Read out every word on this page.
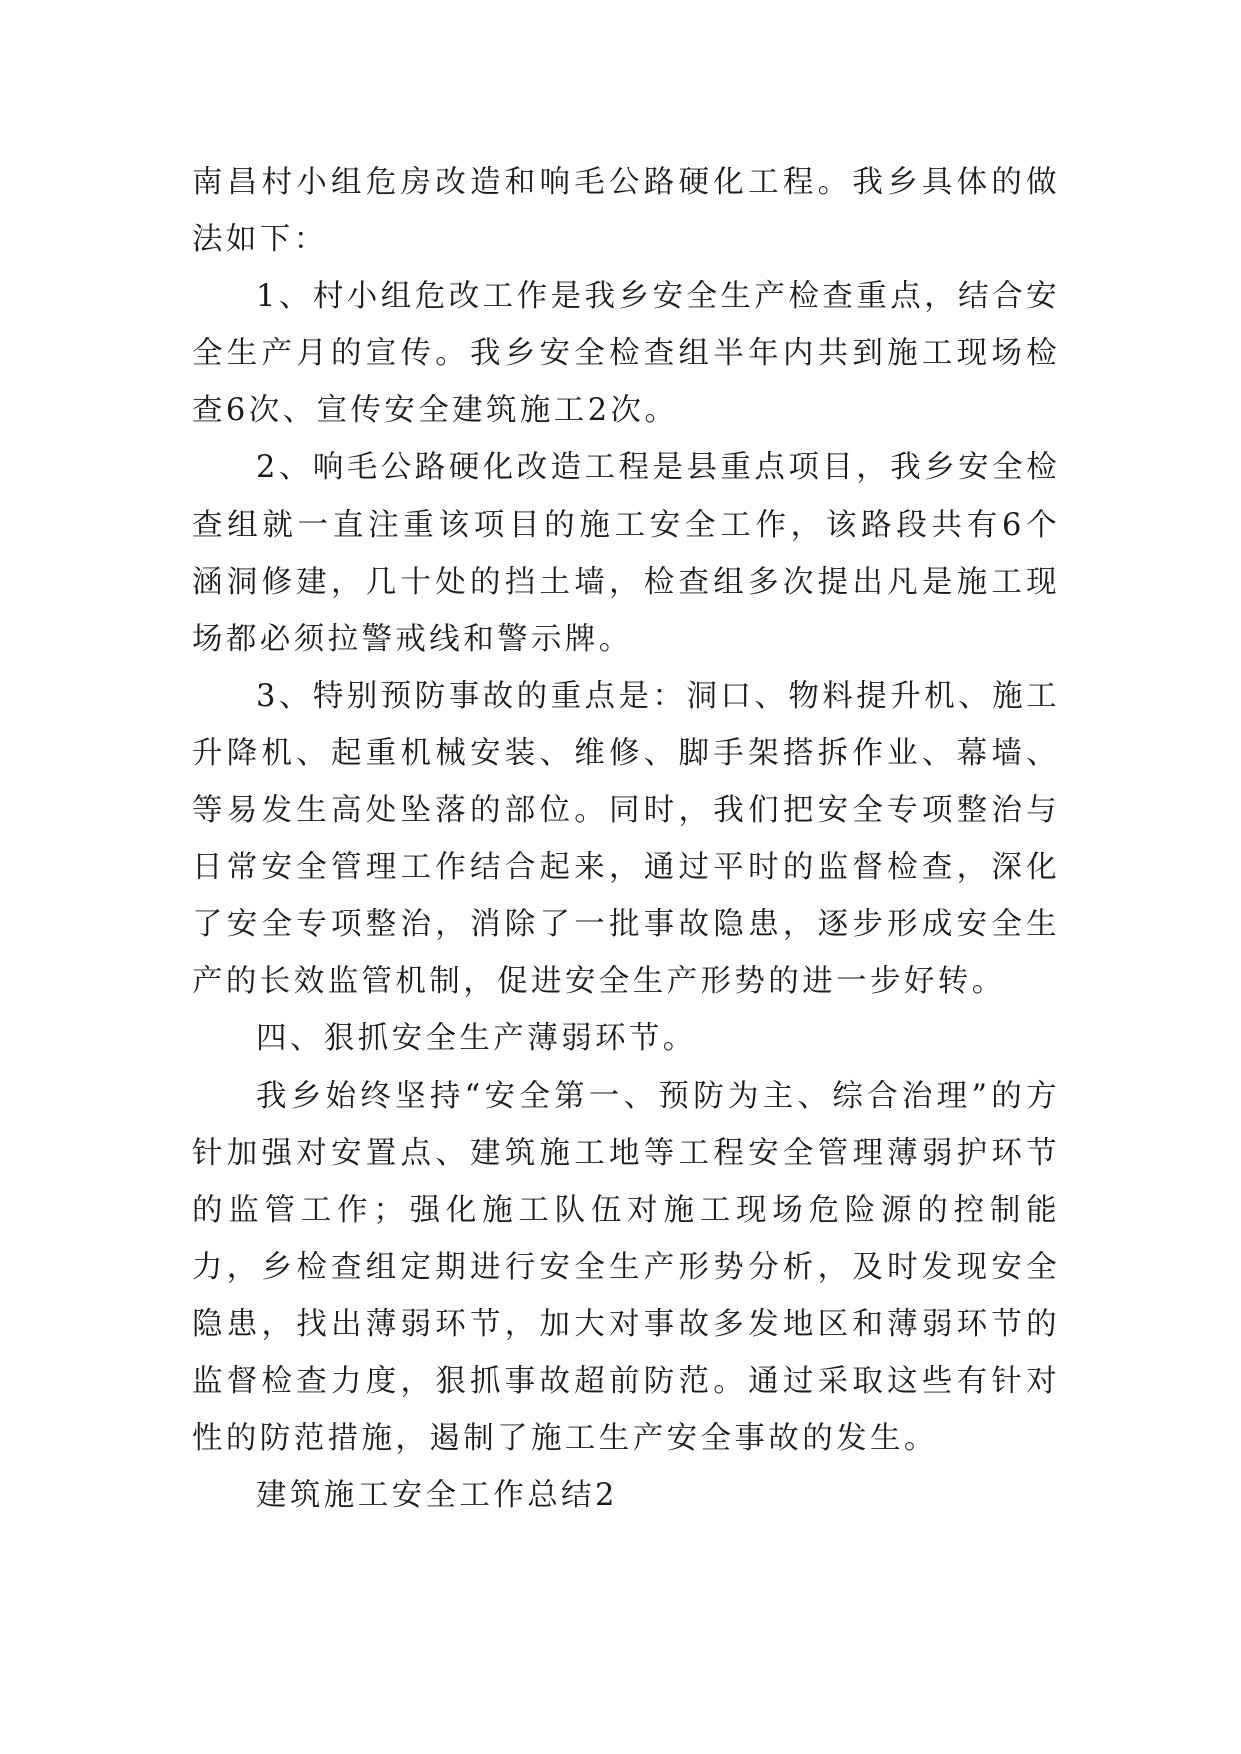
南昌村小组危房改造和响毛公路硬化工程。我乡具体的做法如下：

1、村小组危改工作是我乡安全生产检查重点，结合安全生产月的宣传。我乡安全检查组半年内共到施工现场检查6次、宣传安全建筑施工2次。

2、响毛公路硬化改造工程是县重点项目，我乡安全检查组就一直注重该项目的施工安全工作，该路段共有6个涵洞修建，几十处的挡土墙，检查组多次提出凡是施工现场都必须拉警戒线和警示牌。

3、特别预防事故的重点是：洞口、物料提升机、施工升降机、起重机械安装、维修、脚手架搭拆作业、幕墙、等易发生高处坠落的部位。同时，我们把安全专项整治与日常安全管理工作结合起来，通过平时的监督检查，深化了安全专项整治，消除了一批事故隐患，逐步形成安全生产的长效监管机制，促进安全生产形势的进一步好转。

四、狠抓安全生产薄弱环节。

我乡始终坚持“安全第一、预防为主、综合治理”的方针加强对安置点、建筑施工地等工程安全管理薄弱护环节的监管工作；强化施工队伍对施工现场危险源的控制能力，乡检查组定期进行安全生产形势分析，及时发现安全隐患，找出薄弱环节，加大对事故多发地区和薄弱环节的监督检查力度，狠抓事故超前防范。通过采取这些有针对性的防范措施，遏制了施工生产安全事故的发生。

建筑施工安全工作总结2
